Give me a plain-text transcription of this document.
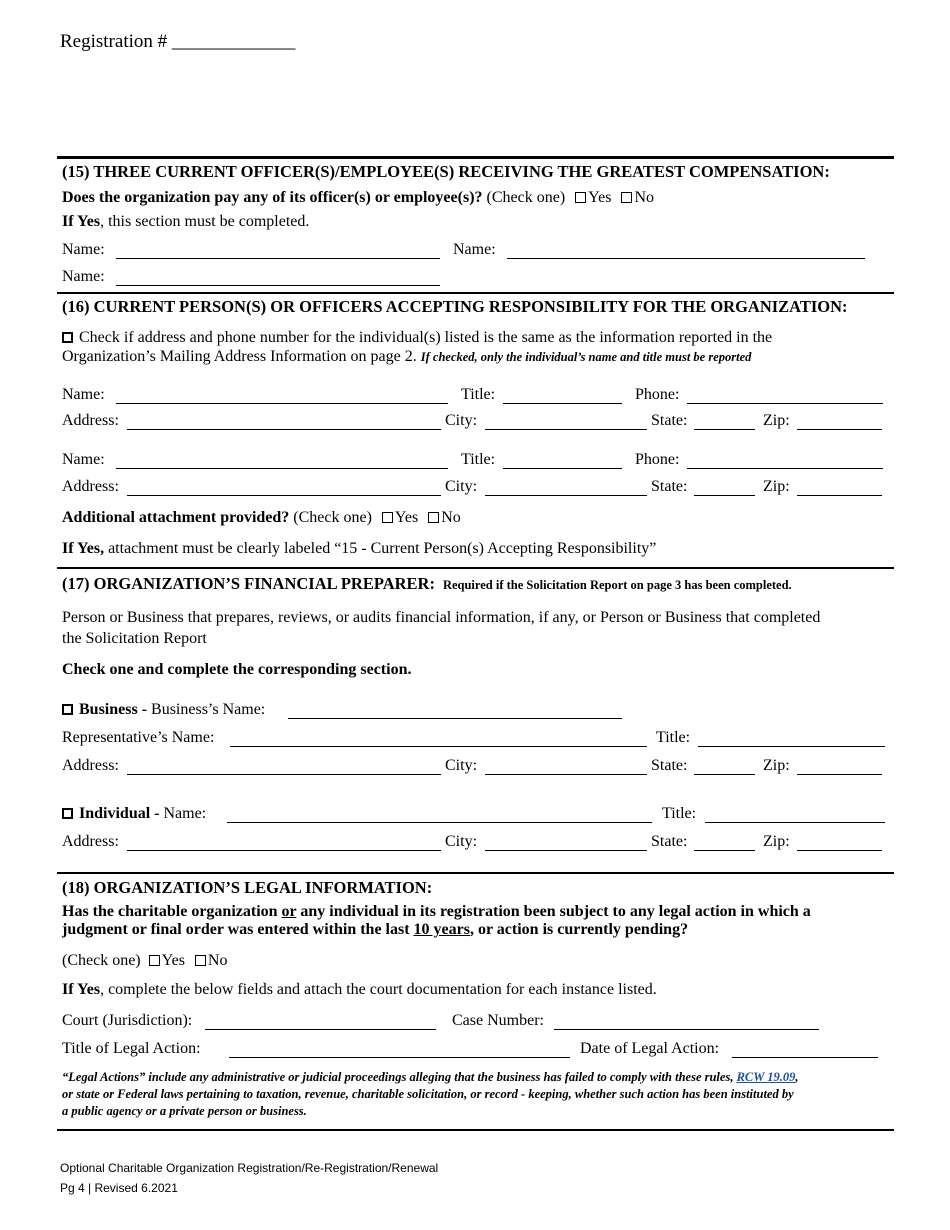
Registration # _____________
(15) THREE CURRENT OFFICER(S)/EMPLOYEE(S) RECEIVING THE GREATEST COMPENSATION:
Does the organization pay any of its officer(s) or employee(s)? (Check one) Yes No
If Yes, this section must be completed.
Name:	Name:
Name:
(16) CURRENT PERSON(S) OR OFFICERS ACCEPTING RESPONSIBILITY FOR THE ORGANIZATION:
Check if address and phone number for the individual(s) listed is the same as the information reported in the
Organization’s Mailing Address Information on page 2. If checked, only the individual’s name and title must be reported
Name:	Title:	Phone:
Address:	City:	State:	Zip:
Name:	Title:	Phone:
Address:	City:	State:	Zip:
Additional attachment provided? (Check one) Yes No
If Yes, attachment must be clearly labeled “15 - Current Person(s) Accepting Responsibility”
(17) ORGANIZATION’S FINANCIAL PREPARER: Required if the Solicitation Report on page 3 has been completed.
Person or Business that prepares, reviews, or audits financial information, if any, or Person or Business that completed
the Solicitation Report
Check one and complete the corresponding section.
Business - Business’s Name:
Representative’s Name:	Title:
Address:	City:	State:	Zip:
Individual - Name:	Title:
Address:	City:	State:	Zip:
(18) ORGANIZATION’S LEGAL INFORMATION:
Has the charitable organization or any individual in its registration been subject to any legal action in which a
judgment or final order was entered within the last 10 years, or action is currently pending?
(Check one) Yes No
If Yes, complete the below fields and attach the court documentation for each instance listed.
Court (Jurisdiction):	Case Number:
Title of Legal Action:	Date of Legal Action:
“Legal Actions” include any administrative or judicial proceedings alleging that the business has failed to comply with these rules, RCW 19.09,
or state or Federal laws pertaining to taxation, revenue, charitable solicitation, or record - keeping, whether such action has been instituted by
a public agency or a private person or business.
Optional Charitable Organization Registration/Re-Registration/Renewal
Pg 4 | Revised 6.2021
